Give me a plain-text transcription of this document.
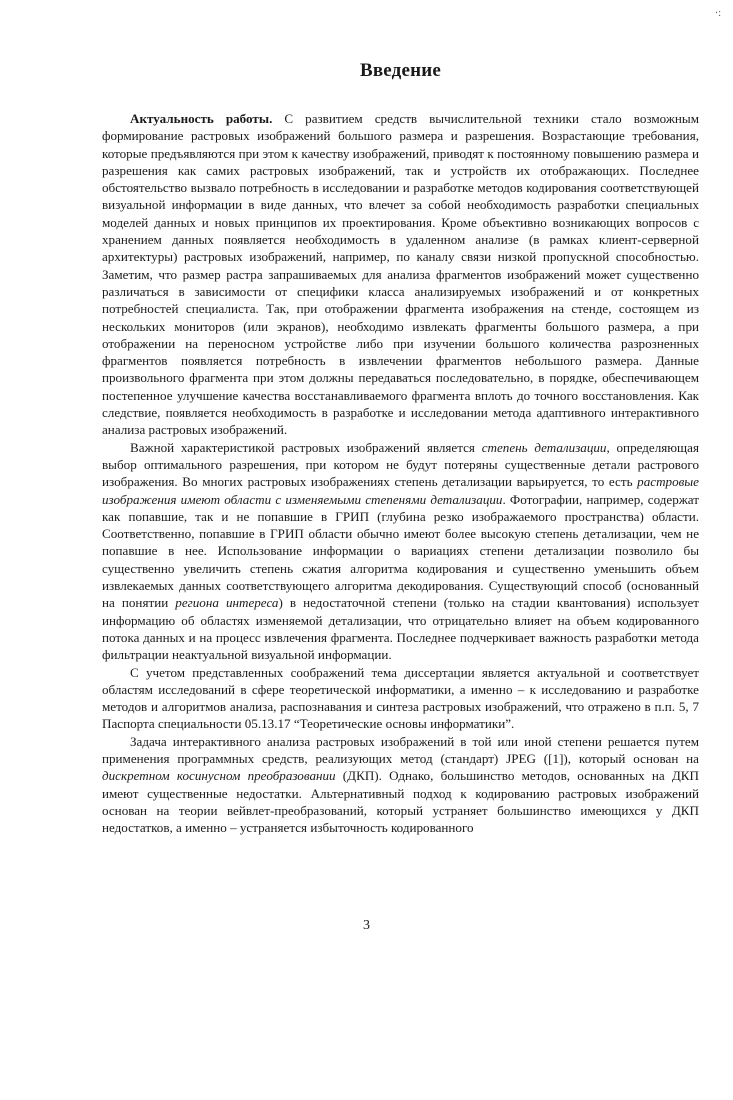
·:
Введение

Актуальность работы. С развитием средств вычислительной техники стало возможным формирование растровых изображений большого размера и разрешения. Возрастающие требования, которые предъявляются при этом к качеству изображений, приводят к постоянному повышению размера и разрешения как самих растровых изображений, так и устройств их отображающих. Последнее обстоятельство вызвало потребность в исследовании и разработке методов кодирования соответствующей визуальной информации в виде данных, что влечет за собой необходимость разработки специальных моделей данных и новых принципов их проектирования. Кроме объективно возникающих вопросов с хранением данных появляется необходимость в удаленном анализе (в рамках клиент-серверной архитектуры) растровых изображений, например, по каналу связи низкой пропускной способностью. Заметим, что размер растра запрашиваемых для анализа фрагментов изображений может существенно различаться в зависимости от специфики класса анализируемых изображений и от конкретных потребностей специалиста. Так, при отображении фрагмента изображения на стенде, состоящем из нескольких мониторов (или экранов), необходимо извлекать фрагменты большого размера, а при отображении на переносном устройстве либо при изучении большого количества разрозненных фрагментов появляется потребность в извлечении фрагментов небольшого размера. Данные произвольного фрагмента при этом должны передаваться последовательно, в порядке, обеспечивающем постепенное улучшение качества восстанавливаемого фрагмента вплоть до точного восстановления. Как следствие, появляется необходимость в разработке и исследовании метода адаптивного интерактивного анализа растровых изображений.

Важной характеристикой растровых изображений является степень детализации, определяющая выбор оптимального разрешения, при котором не будут потеряны существенные детали растрового изображения. Во многих растровых изображениях степень детализации варьируется, то есть растровые изображения имеют области с изменяемыми степенями детализации. Фотографии, например, содержат как попавшие, так и не попавшие в ГРИП (глубина резко изображаемого пространства) области. Соответственно, попавшие в ГРИП области обычно имеют более высокую степень детализации, чем не попавшие в нее. Использование информации о вариациях степени детализации позволило бы существенно увеличить степень сжатия алгоритма кодирования и существенно уменьшить объем извлекаемых данных соответствующего алгоритма декодирования. Существующий способ (основанный на понятии региона интереса) в недостаточной степени (только на стадии квантования) использует информацию об областях изменяемой детализации, что отрицательно влияет на объем кодированного потока данных и на процесс извлечения фрагмента. Последнее подчеркивает важность разработки метода фильтрации неактуальной визуальной информации.

С учетом представленных соображений тема диссертации является актуальной и соответствует областям исследований в сфере теоретической информатики, а именно – к исследованию и разработке методов и алгоритмов анализа, распознавания и синтеза растровых изображений, что отражено в п.п. 5, 7 Паспорта специальности 05.13.17 “Теоретические основы информатики”.

Задача интерактивного анализа растровых изображений в той или иной степени решается путем применения программных средств, реализующих метод (стандарт) JPEG ([1]), который основан на дискретном косинусном преобразовании (ДКП). Однако, большинство методов, основанных на ДКП имеют существенные недостатки. Альтернативный подход к кодированию растровых изображений основан на теории вейвлет-преобразований, который устраняет большинство имеющихся у ДКП недостатков, а именно – устраняется избыточность кодированного

3
